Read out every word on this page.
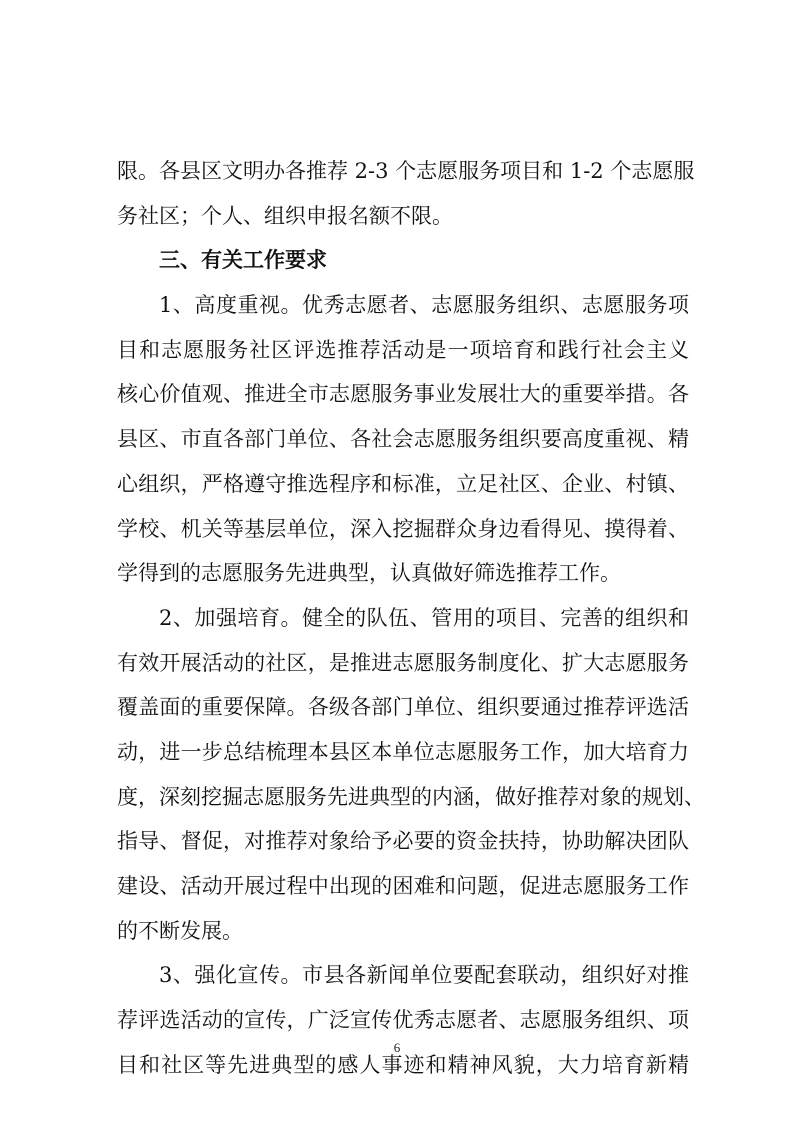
限。各县区文明办各推荐 2-3 个志愿服务项目和 1-2 个志愿服
务社区；个人、组织申报名额不限。
三、有关工作要求
1、高度重视。优秀志愿者、志愿服务组织、志愿服务项
目和志愿服务社区评选推荐活动是一项培育和践行社会主义
核心价值观、推进全市志愿服务事业发展壮大的重要举措。各
县区、市直各部门单位、各社会志愿服务组织要高度重视、精
心组织，严格遵守推选程序和标准，立足社区、企业、村镇、
学校、机关等基层单位，深入挖掘群众身边看得见、摸得着、
学得到的志愿服务先进典型，认真做好筛选推荐工作。
2、加强培育。健全的队伍、管用的项目、完善的组织和
有效开展活动的社区，是推进志愿服务制度化、扩大志愿服务
覆盖面的重要保障。各级各部门单位、组织要通过推荐评选活
动，进一步总结梳理本县区本单位志愿服务工作，加大培育力
度，深刻挖掘志愿服务先进典型的内涵，做好推荐对象的规划、
指导、督促，对推荐对象给予必要的资金扶持，协助解决团队
建设、活动开展过程中出现的困难和问题，促进志愿服务工作
的不断发展。
3、强化宣传。市县各新闻单位要配套联动，组织好对推
荐评选活动的宣传，广泛宣传优秀志愿者、志愿服务组织、项
目和社区等先进典型的感人事迹和精神风貌，大力培育新精
6
